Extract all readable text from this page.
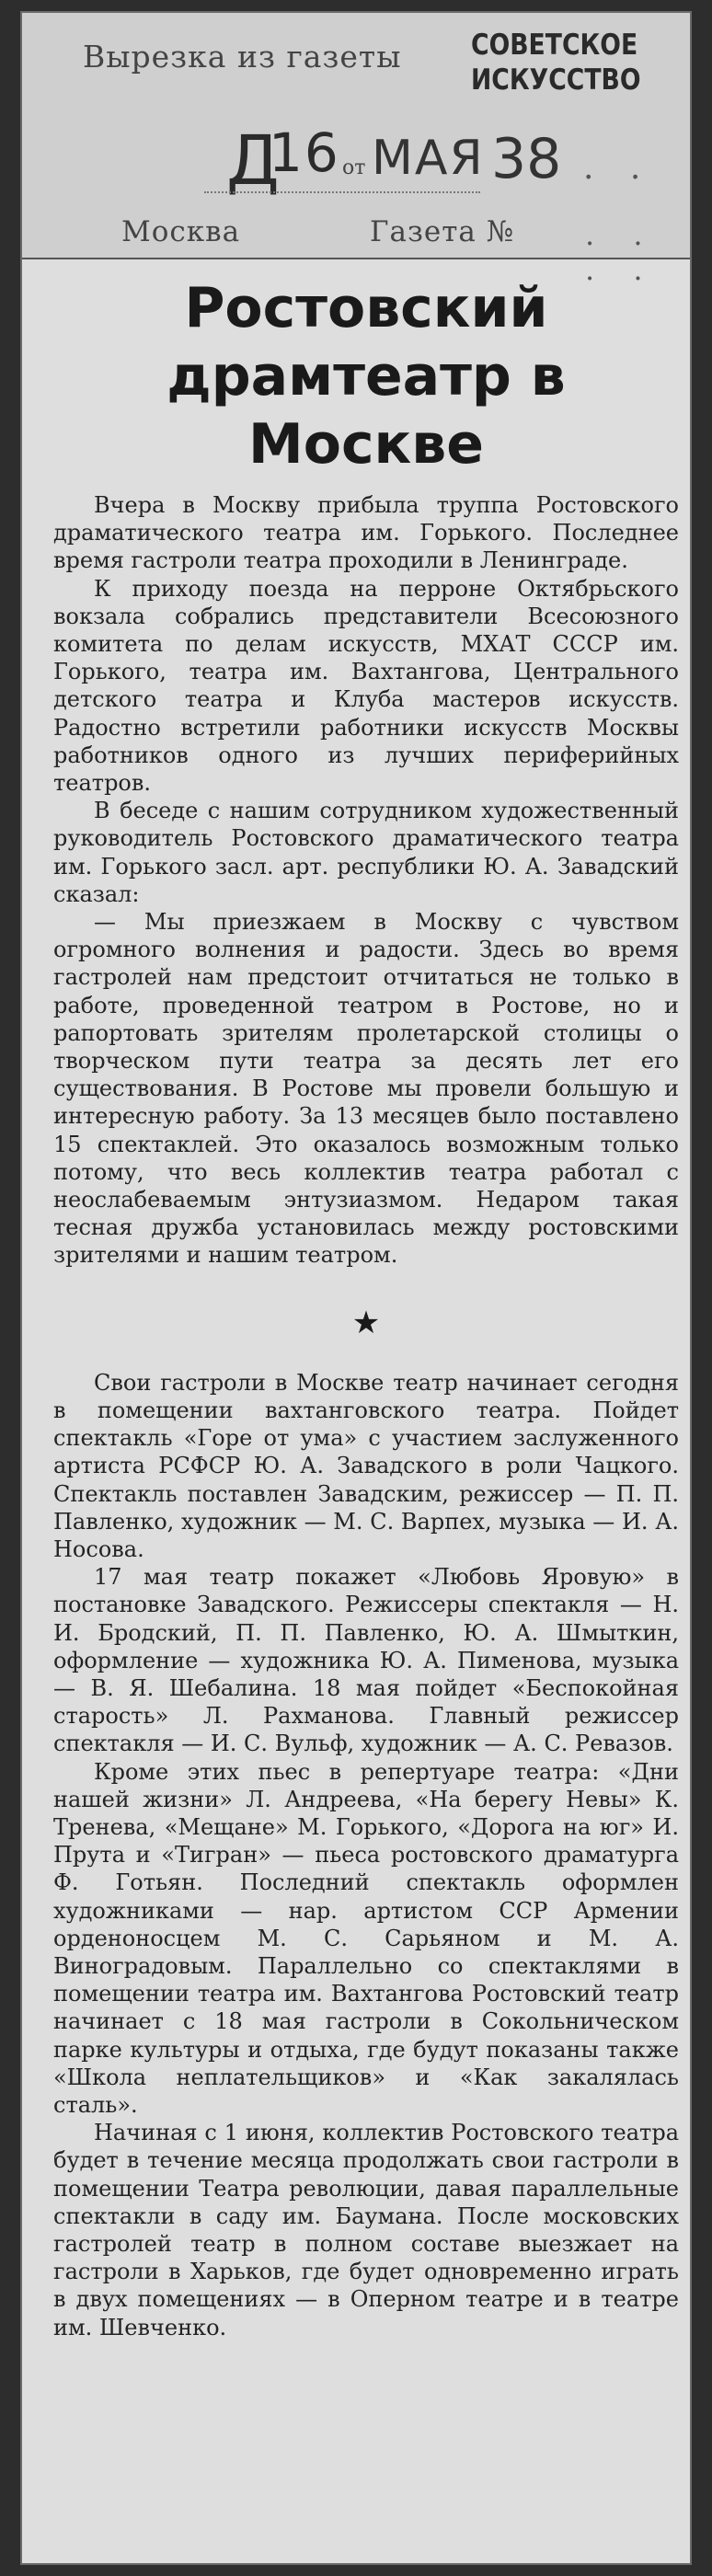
Вырезка из газеты СОВЕТСКОЕ
ИСКУССТВО
Д
16 от МАЯ 38 . .
Москва	Газета № . . . .
Ростовский
драмтеатр в Москве

Вчера в Москву прибыла труппа Ростовского драматического театра им. Горького. Последнее время гастроли театра проходили в Ленинграде.

К приходу поезда на перроне Октябрьского вокзала собрались представители Всесоюзного комитета по делам искусств, МХАТ СССР им. Горького, театра им. Вахтангова, Центрального детского театра и Клуба мастеров искусств. Радостно встретили работники искусств Москвы работников одного из лучших периферийных театров.

В беседе с нашим сотрудником художественный руководитель Ростовского драматического театра им. Горького засл. арт. республики Ю. А. Завадский сказал:

— Мы приезжаем в Москву с чувством огромного волнения и радости. Здесь во время гастролей нам предстоит отчитаться не только в работе, проведенной театром в Ростове, но и рапортовать зрителям пролетарской столицы о творческом пути театра за десять лет его существования. В Ростове мы провели большую и интересную работу. За 13 месяцев было поставлено 15 спектаклей. Это оказалось возможным только потому, что весь коллектив театра работал с неослабеваемым энтузиазмом. Недаром такая тесная дружба установилась между ростовскими зрителями и нашим театром.

★

Свои гастроли в Москве театр начинает сегодня в помещении вахтанговского театра. Пойдет спектакль «Горе от ума» с участием заслуженного артиста РСФСР Ю. А. Завадского в роли Чацкого. Спектакль поставлен Завадским, режиссер — П. П. Павленко, художник — М. С. Варпех, музыка — И. А. Носова.

17 мая театр покажет «Любовь Яровую» в постановке Завадского. Режиссеры спектакля — Н. И. Бродский, П. П. Павленко, Ю. А. Шмыткин, оформление — художника Ю. А. Пименова, музыка — В. Я. Шебалина. 18 мая пойдет «Беспокойная старость» Л. Рахманова. Главный режиссер спектакля — И. С. Вульф, художник — А. С. Ревазов.

Кроме этих пьес в репертуаре театра: «Дни нашей жизни» Л. Андреева, «На берегу Невы» К. Тренева, «Мещане» М. Горького, «Дорога на юг» И. Прута и «Тигран» — пьеса ростовского драматурга Ф. Готьян. Последний спектакль оформлен художниками — нар. артистом ССР Армении орденоносцем М. С. Сарьяном и М. А. Виноградовым. Параллельно со спектаклями в помещении театра им. Вахтангова Ростовский театр начинает с 18 мая гастроли в Сокольническом парке культуры и отдыха, где будут показаны также «Школа неплательщиков» и «Как закалялась сталь».

Начиная с 1 июня, коллектив Ростовского театра будет в течение месяца продолжать свои гастроли в помещении Театра революции, давая параллельные спектакли в саду им. Баумана. После московских гастролей театр в полном составе выезжает на гастроли в Харьков, где будет одновременно играть в двух помещениях — в Оперном театре и в театре им. Шевченко.
